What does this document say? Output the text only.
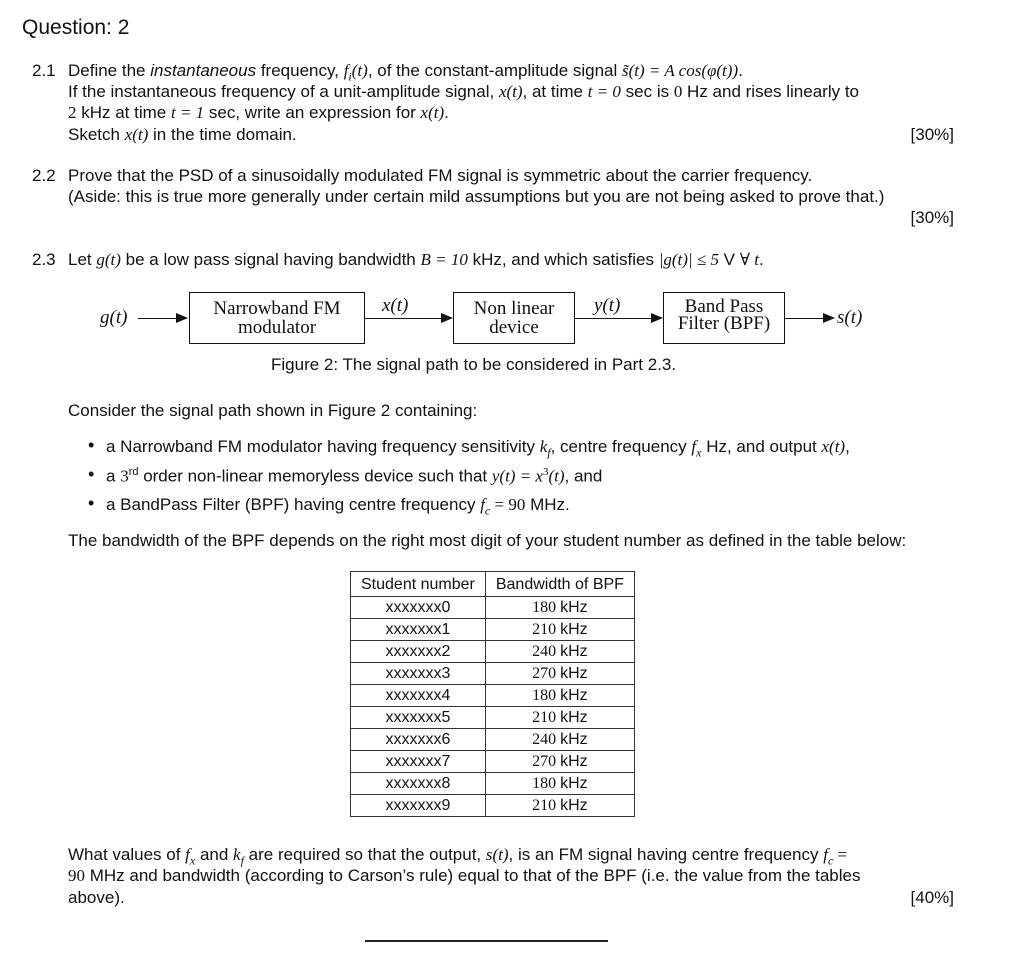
Question: 2
2.1 Define the instantaneous frequency, $f_i(t)$, of the constant-amplitude signal s̃(t) = A cos(φ(t)).
If the instantaneous frequency of a unit-amplitude signal, x(t), at time t = 0 sec is 0 Hz and rises linearly to
2 kHz at time t = 1 sec, write an expression for x(t).
Sketch x(t) in the time domain.	[30%]
2.2 Prove that the PSD of a sinusoidally modulated FM signal is symmetric about the carrier frequency.
(Aside: this is true more generally under certain mild assumptions but you are not being asked to prove that.)
[30%]
2.3 Let g(t) be a low pass signal having bandwidth B = 10 kHz, and which satisfies |g(t)| ≤ 5 V ∀ t.
g(t)	Narrowband FM
modulator
x(t)	Non linear
device
y(t)	Band Pass
Filter (BPF)	s(t)
Figure 2: The signal path to be considered in Part 2.3.
Consider the signal path shown in Figure 2 containing:
• a Narrowband FM modulator having frequency sensitivity $k_f$, centre frequency $f_x$ Hz, and output x(t),
• a 3rd order non-linear memoryless device such that $y(t) = x^3(t)$, and
• a BandPass Filter (BPF) having centre frequency $f_c = 90$ MHz.
The bandwidth of the BPF depends on the right most digit of your student number as defined in the table below:
Student number	Bandwidth of BPF
xxxxxxx0	180 kHz
xxxxxxx1	210 kHz
xxxxxxx2	240 kHz
xxxxxxx3	270 kHz
xxxxxxx4	180 kHz
xxxxxxx5	210 kHz
xxxxxxx6	240 kHz
xxxxxxx7	270 kHz
xxxxxxx8	180 kHz
xxxxxxx9	210 kHz
What values of $f_x$ and $k_f$ are required so that the output, s(t), is an FM signal having centre frequency $f_c$ =
90 MHz and bandwidth (according to Carson’s rule) equal to that of the BPF (i.e. the value from the tables
above).	[40%]
